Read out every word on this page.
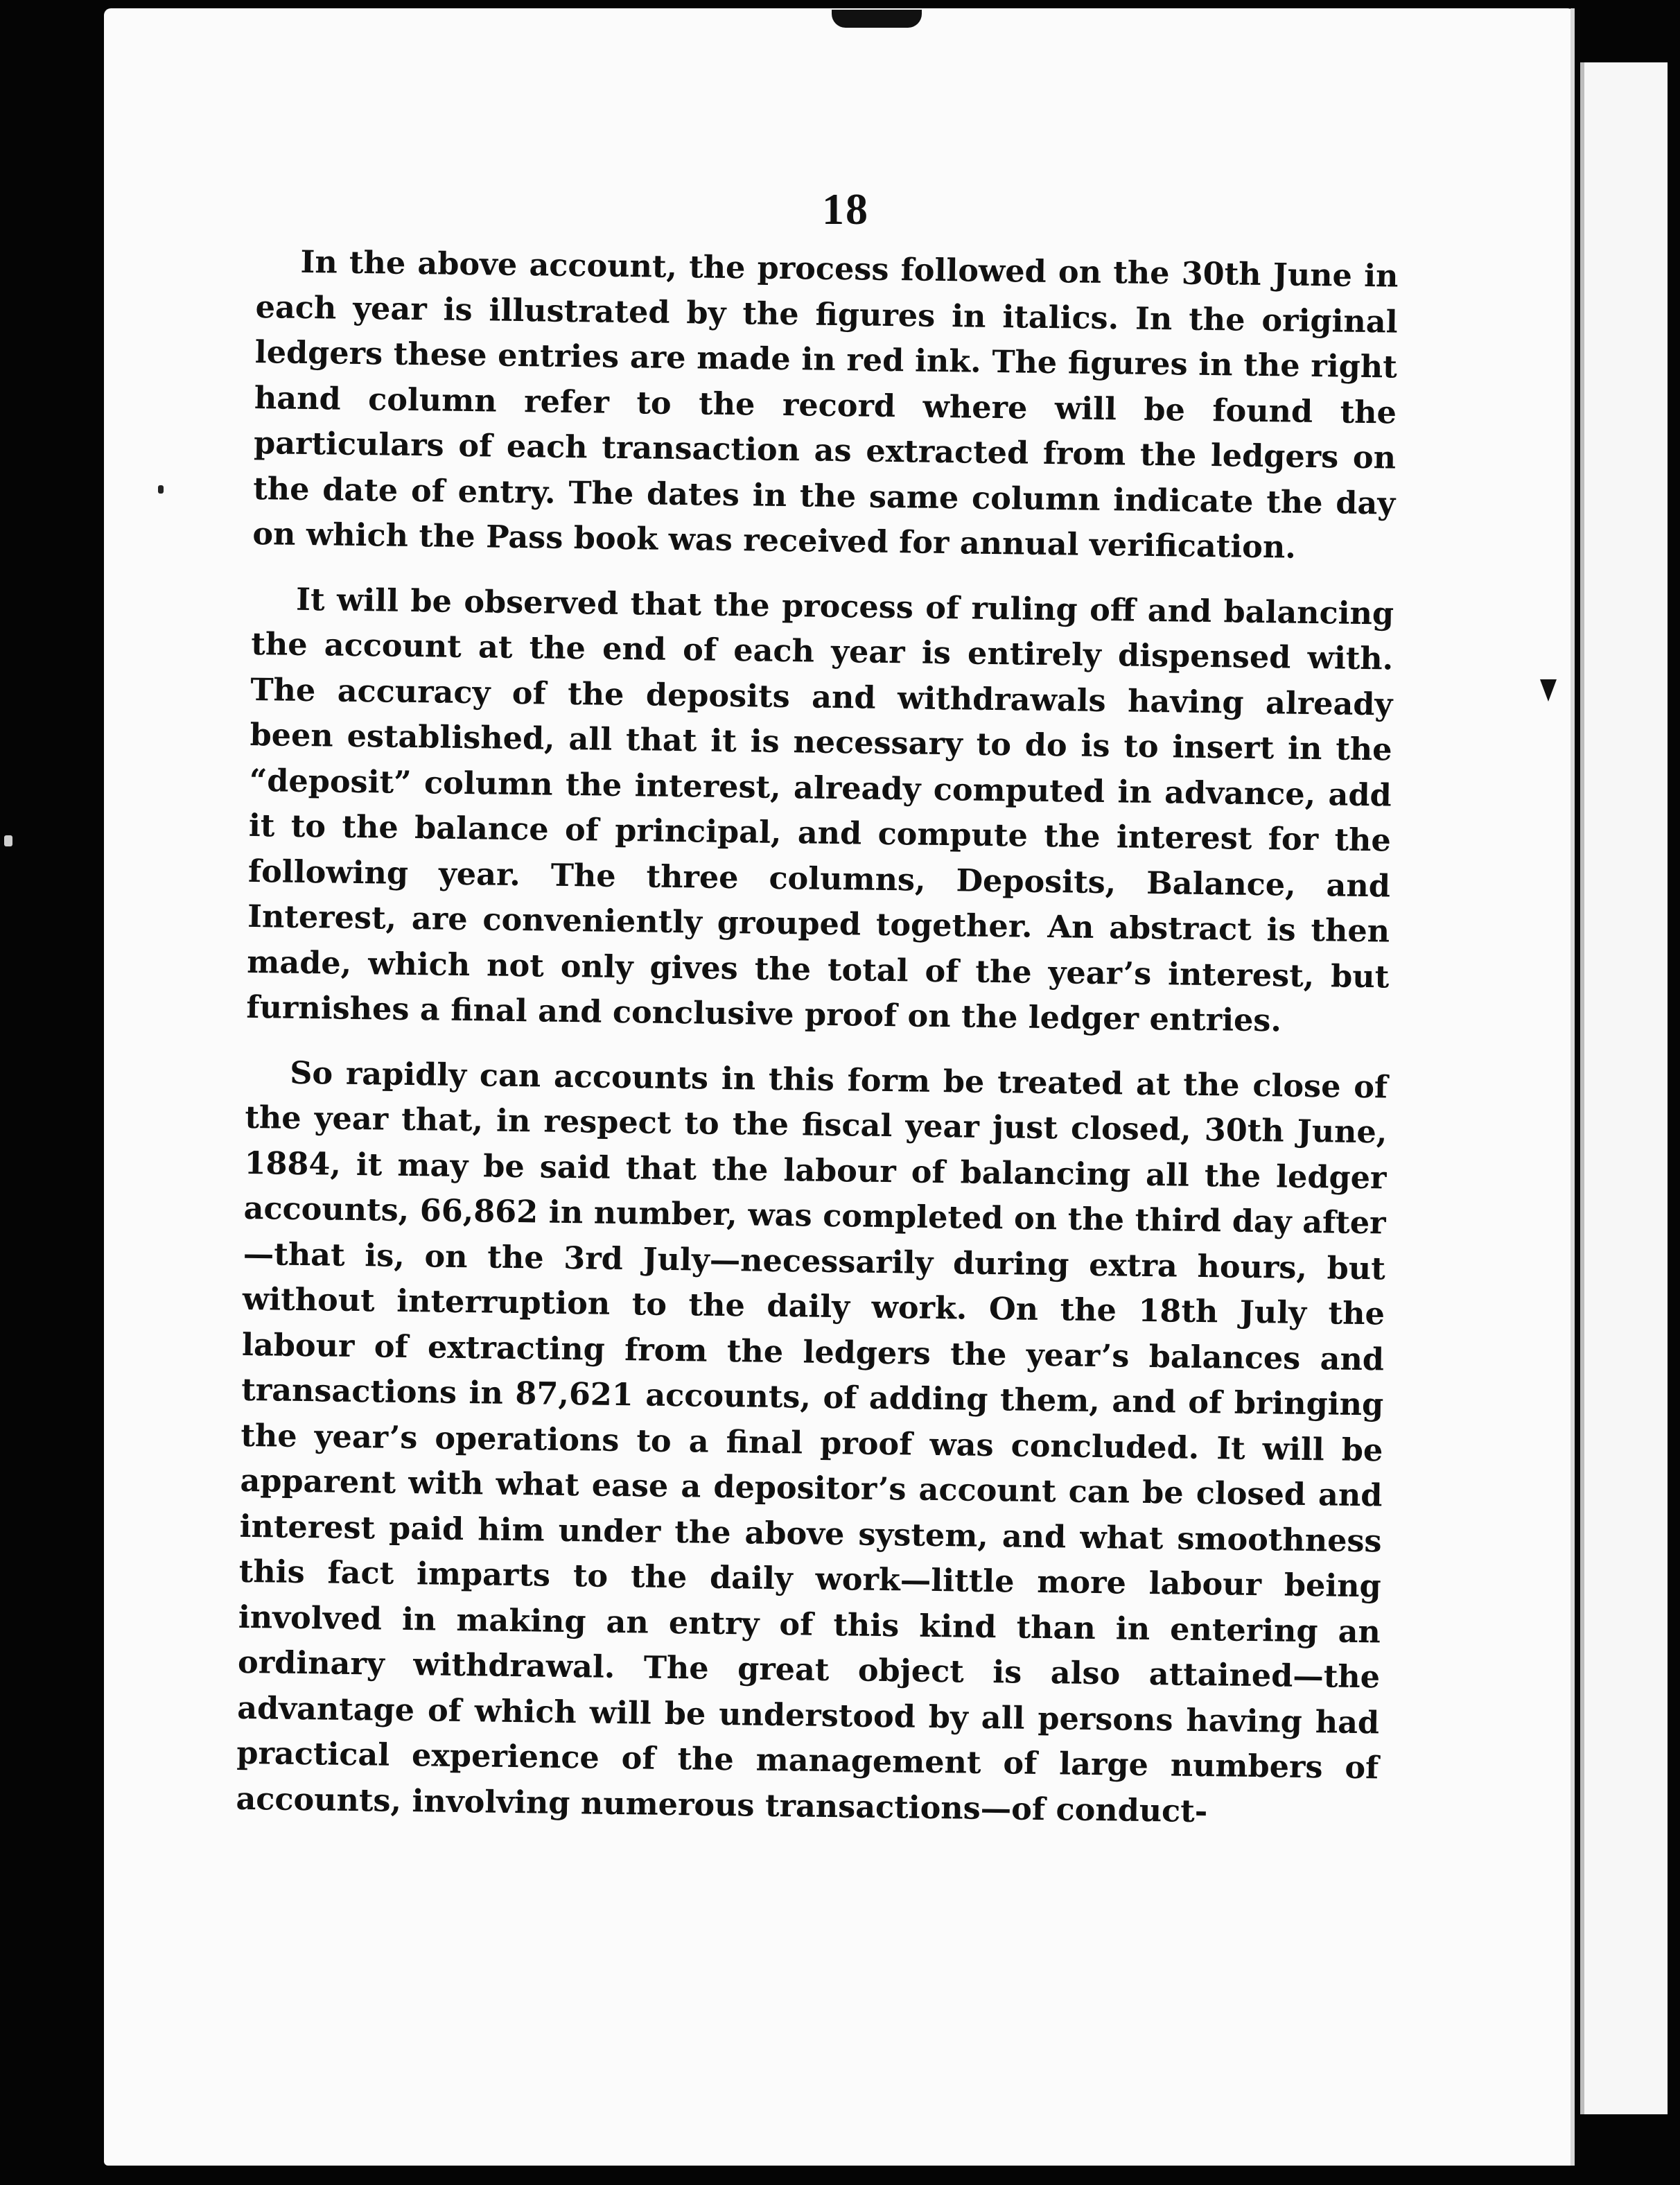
18

In the above account, the process followed on the 30th June in each year is illustrated by the figures in italics. In the original ledgers these entries are made in red ink. The figures in the right hand column refer to the record where will be found the particulars of each transaction as extracted from the ledgers on the date of entry. The dates in the same column indicate the day on which the Pass book was received for annual verification.

It will be observed that the process of ruling off and balancing the account at the end of each year is entirely dispensed with. The accuracy of the deposits and withdrawals having already been established, all that it is necessary to do is to insert in the “deposit” column the interest, already computed in advance, add it to the balance of principal, and compute the interest for the following year. The three columns, Deposits, Balance, and Interest, are conveniently grouped together. An abstract is then made, which not only gives the total of the year’s interest, but furnishes a final and conclusive proof on the ledger entries.

So rapidly can accounts in this form be treated at the close of the year that, in respect to the fiscal year just closed, 30th June, 1884, it may be said that the labour of balancing all the ledger accounts, 66,862 in number, was completed on the third day after—that is, on the 3rd July—necessarily during extra hours, but without interruption to the daily work. On the 18th July the labour of extracting from the ledgers the year’s balances and transactions in 87,621 accounts, of adding them, and of bringing the year’s operations to a final proof was concluded. It will be apparent with what ease a depositor’s account can be closed and interest paid him under the above system, and what smoothness this fact imparts to the daily work—little more labour being involved in making an entry of this kind than in entering an ordinary withdrawal. The great object is also attained—the advantage of which will be understood by all persons having had practical experience of the management of large numbers of accounts, involving numerous transactions—of conduct-
